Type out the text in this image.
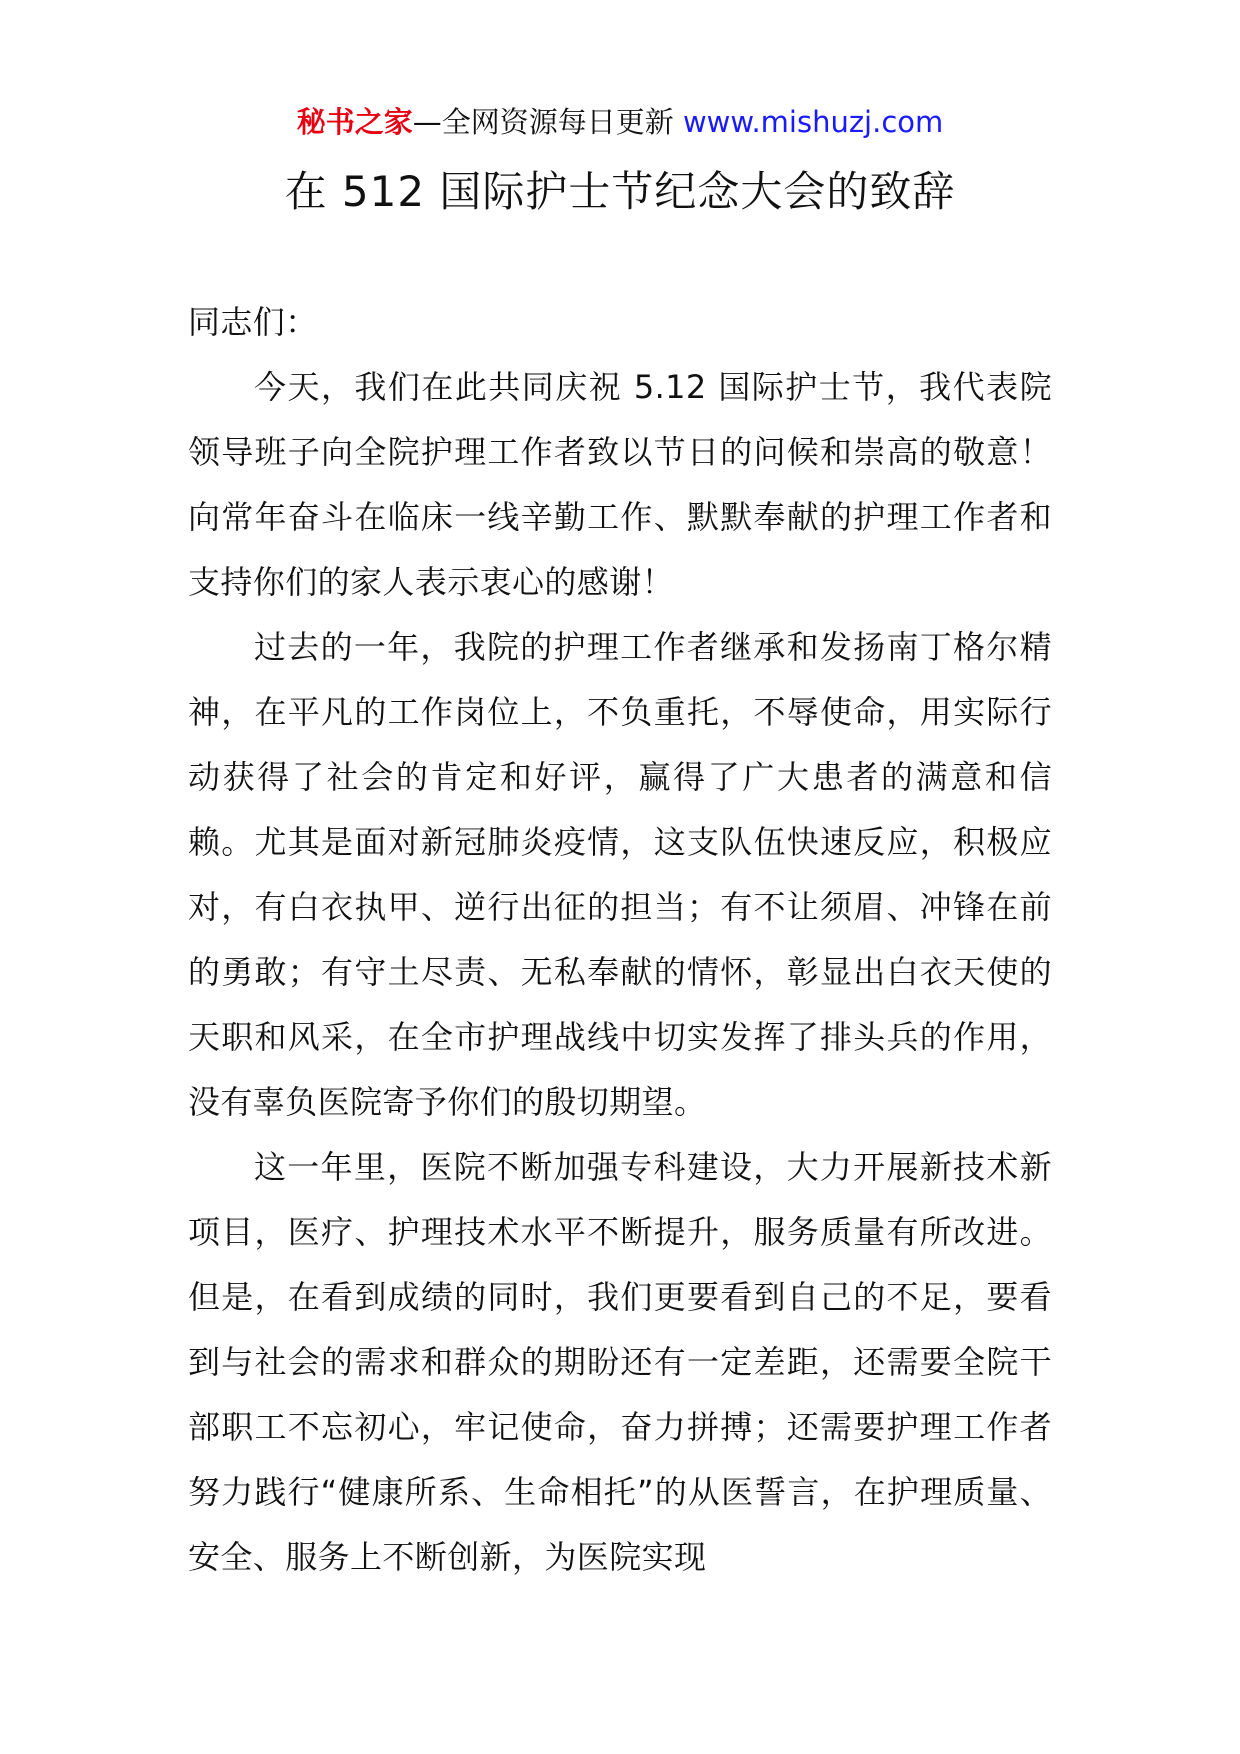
秘书之家—全网资源每日更新 www.mishuzj.com
在 512 国际护士节纪念大会的致辞

同志们：

今天，我们在此共同庆祝 5.12 国际护士节，我代表院领导班子向全院护理工作者致以节日的问候和崇高的敬意！向常年奋斗在临床一线辛勤工作、默默奉献的护理工作者和支持你们的家人表示衷心的感谢！

过去的一年，我院的护理工作者继承和发扬南丁格尔精神，在平凡的工作岗位上，不负重托，不辱使命，用实际行动获得了社会的肯定和好评，赢得了广大患者的满意和信赖。尤其是面对新冠肺炎疫情，这支队伍快速反应，积极应对，有白衣执甲、逆行出征的担当；有不让须眉、冲锋在前的勇敢；有守土尽责、无私奉献的情怀，彰显出白衣天使的天职和风采，在全市护理战线中切实发挥了排头兵的作用，没有辜负医院寄予你们的殷切期望。

这一年里，医院不断加强专科建设，大力开展新技术新项目，医疗、护理技术水平不断提升，服务质量有所改进。但是，在看到成绩的同时，我们更要看到自己的不足，要看到与社会的需求和群众的期盼还有一定差距，还需要全院干部职工不忘初心，牢记使命，奋力拼搏；还需要护理工作者努力践行“健康所系、生命相托”的从医誓言，在护理质量、安全、服务上不断创新，为医院实现
